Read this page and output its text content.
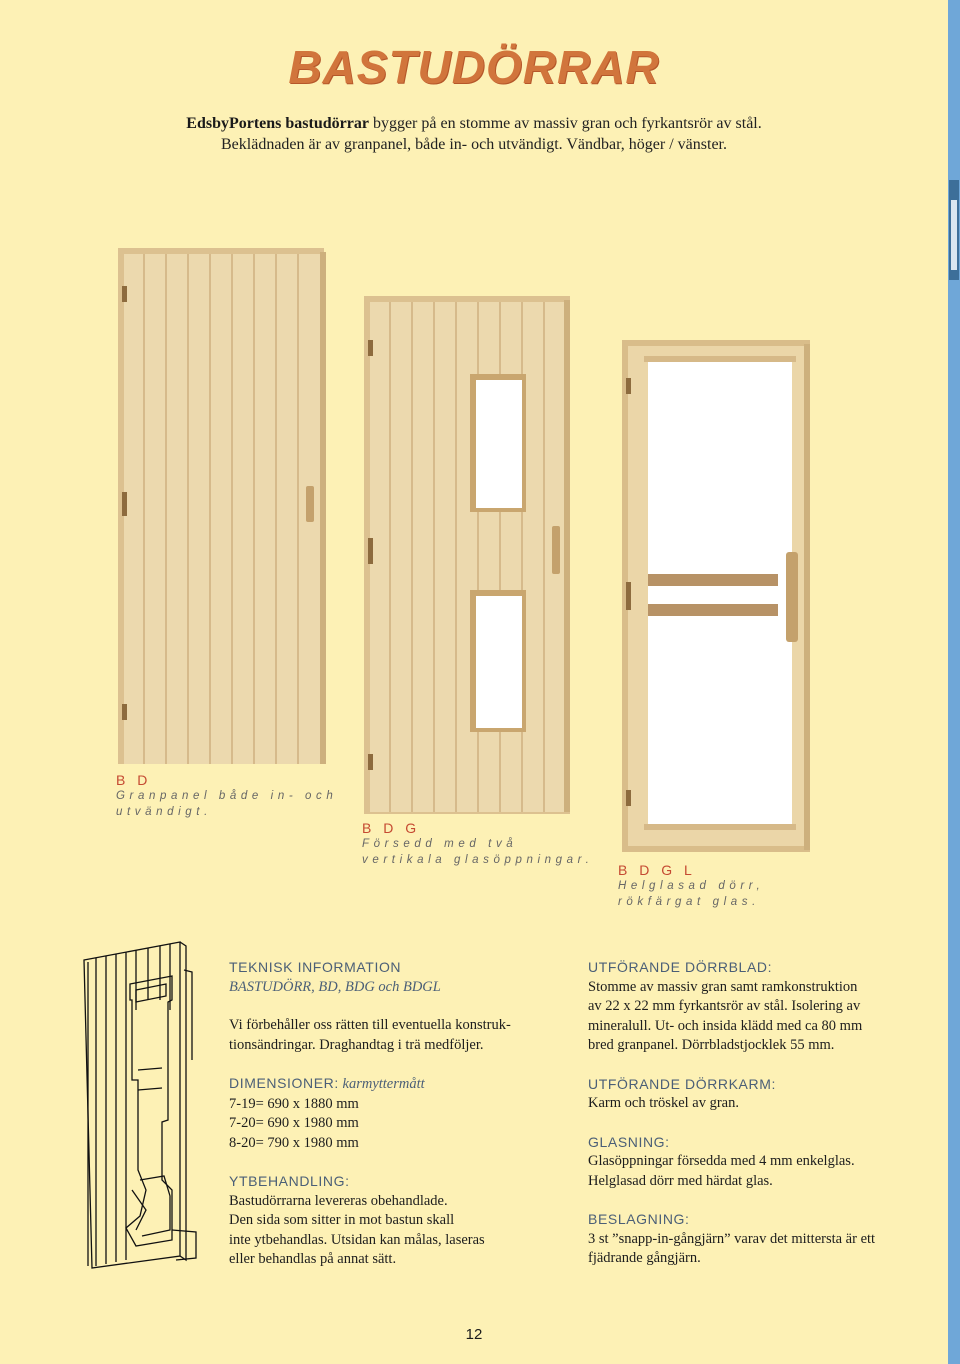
BASTUDÖRRAR
EdsbyPortens bastudörrar bygger på en stomme av massiv gran och fyrkantsrör av stål.
Beklädnaden är av granpanel, både in- och utvändigt. Vändbar, höger / vänster.
B D
Granpanel både in- och
utvändigt.
B D G
Försedd med två
vertikala glasöppningar.
B D G L
Helglasad dörr,
rökfärgat glas.
TEKNISK INFORMATION
BASTUDÖRR, BD, BDG och BDGL
Vi förbehåller oss rätten till eventuella konstruk-
tionsändringar. Draghandtag i trä medföljer.
DIMENSIONER: karmyttermått
7-19= 690 x 1880 mm
7-20= 690 x 1980 mm
8-20= 790 x 1980 mm
YTBEHANDLING:
Bastudörrarna levereras obehandlade.
Den sida som sitter in mot bastun skall
inte ytbehandlas. Utsidan kan målas, laseras
eller behandlas på annat sätt.
UTFÖRANDE DÖRRBLAD:
Stomme av massiv gran samt ramkonstruktion
av 22 x 22 mm fyrkantsrör av stål. Isolering av
mineralull. Ut- och insida klädd med ca 80 mm
bred granpanel. Dörrbladstjocklek 55 mm.
UTFÖRANDE DÖRRKARM:
Karm och tröskel av gran.
GLASNING:
Glasöppningar försedda med 4 mm enkelglas.
Helglasad dörr med härdat glas.
BESLAGNING:
3 st ”snapp-in-gångjärn” varav det mittersta är ett
fjädrande gångjärn.
12
